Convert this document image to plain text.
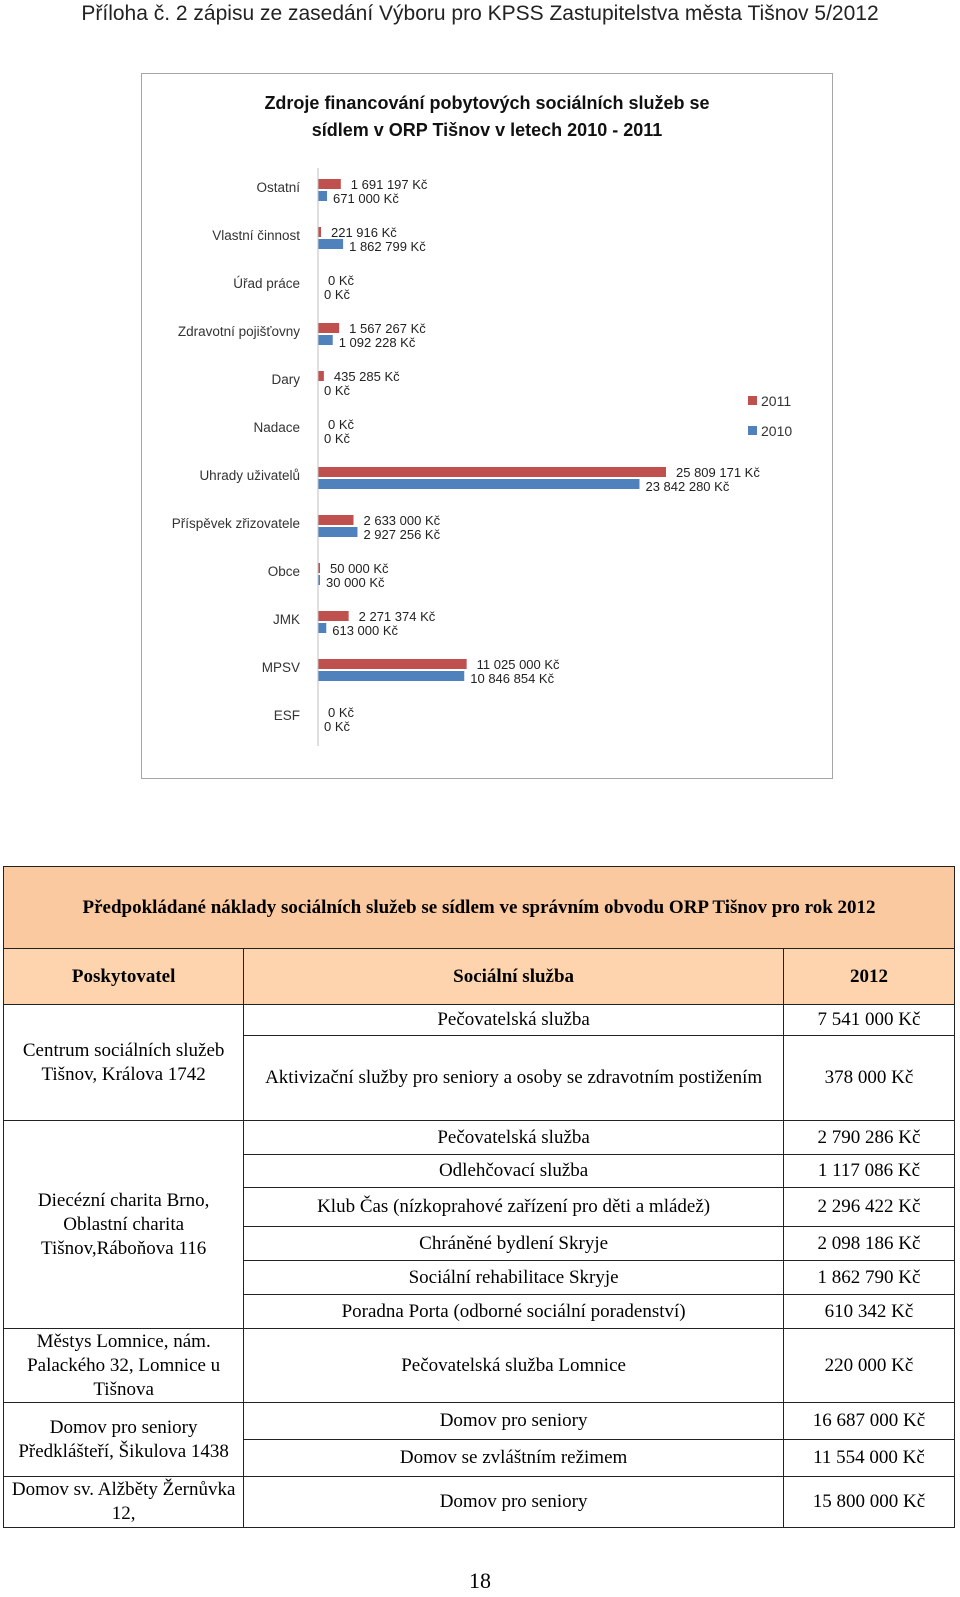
Příloha č. 2 zápisu ze zasedání Výboru pro KPSS Zastupitelstva města Tišnov 5/2012
Zdroje financování pobytových sociálních služeb se
sídlem v ORP Tišnov v letech 2010 - 2011
Ostatní	1 691 197 Kč
671 000 Kč
Vlastní činnost 221 916 Kč
1 862 799 Kč
Úřad práce 0 Kč
0 Kč
Zdravotní pojišťovny	1 567 267 Kč
1 092 228 Kč
Dary	435 285 Kč
0 Kč
Nadace 0 Kč
0 Kč
Uhrady uživatelů	25 809 171 Kč
23 842 280 Kč
Příspěvek zřizovatele	2 633 000 Kč
2 927 256 Kč
Obce 50 000 Kč
30 000 Kč
JMK	2 271 374 Kč
613 000 Kč
MPSV	11 025 000 Kč
10 846 854 Kč
ESF 0 Kč
0 Kč
2011
2010
Předpokládané náklady sociálních služeb se sídlem ve správním obvodu ORP Tišnov pro rok 2012		
Poskytovatel	Sociální služba	2012
Centrum sociálních služeb Tišnov, Králova 1742	Pečovatelská služba	7 541 000 Kč
	Aktivizační služby pro seniory a osoby se zdravotním postižením	378 000 Kč
Diecézní charita Brno, Oblastní charita Tišnov,Ráboňova 116	Pečovatelská služba	2 790 286 Kč
	Odlehčovací služba	1 117 086 Kč
	Klub Čas (nízkoprahové zařízení pro děti a mládež)	2 296 422 Kč
	Chráněné bydlení Skryje	2 098 186 Kč
	Sociální rehabilitace Skryje	1 862 790 Kč
	Poradna Porta (odborné sociální poradenství)	610 342 Kč
Městys Lomnice, nám. Palackého 32, Lomnice u Tišnova	Pečovatelská služba Lomnice	220 000 Kč
Domov pro seniory Předklášteří, Šikulova 1438	Domov pro seniory	16 687 000 Kč
	Domov se zvláštním režimem	11 554 000 Kč
Domov sv. Alžběty Žernůvka 12,	Domov pro seniory	15 800 000 Kč
18
